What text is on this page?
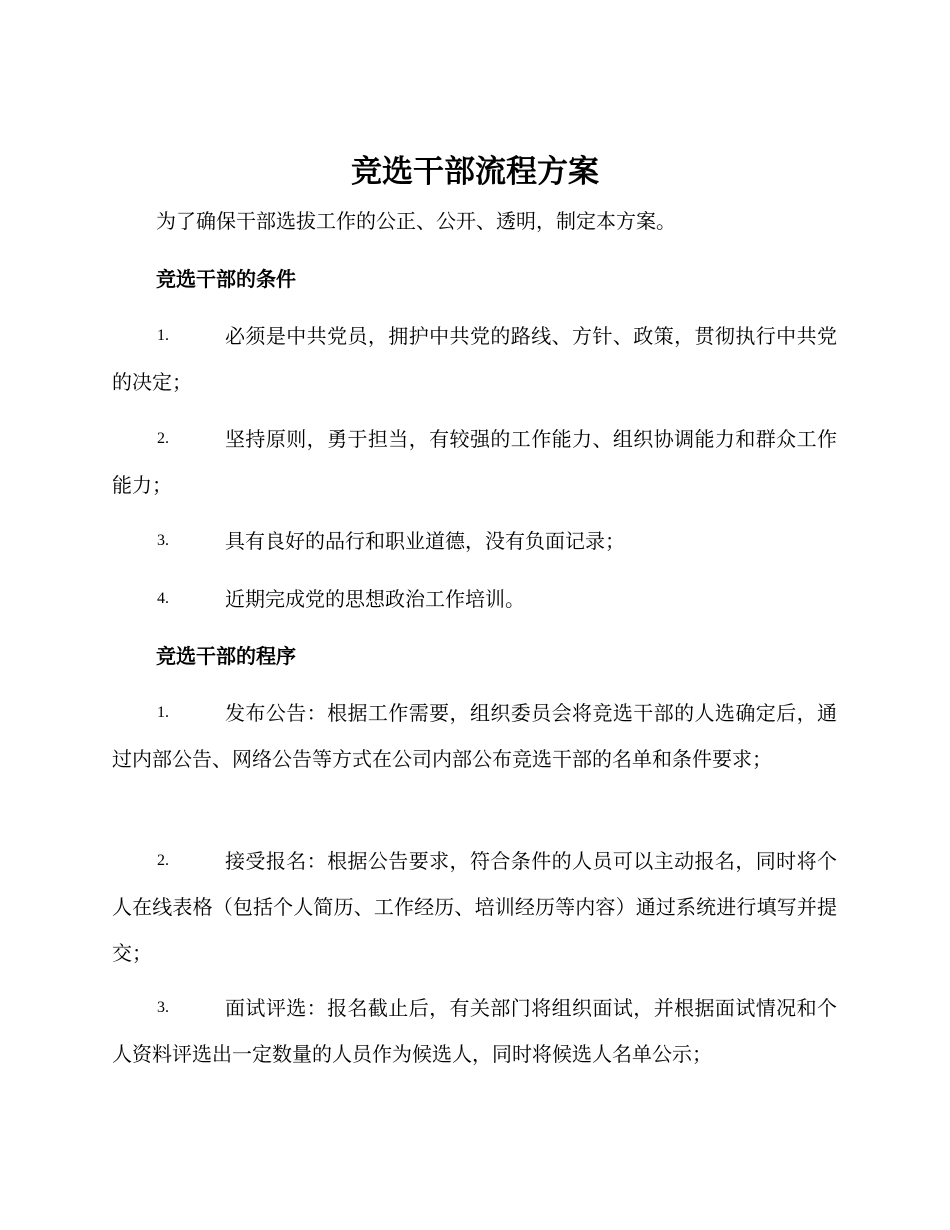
竞选干部流程方案

为了确保干部选拔工作的公正、公开、透明，制定本方案。

竞选干部的条件
1.	必须是中共党员，拥护中共党的路线、方针、政策，贯彻执行中共党的决定；
2.	坚持原则，勇于担当，有较强的工作能力、组织协调能力和群众工作能力；
3.	具有良好的品行和职业道德，没有负面记录；
4.	近期完成党的思想政治工作培训。
竞选干部的程序
1.	发布公告：根据工作需要，组织委员会将竞选干部的人选确定后，通过内部公告、网络公告等方式在公司内部公布竞选干部的名单和条件要求；
2.	接受报名：根据公告要求，符合条件的人员可以主动报名，同时将个人在线表格（包括个人简历、工作经历、培训经历等内容）通过系统进行填写并提交；
3.	面试评选：报名截止后，有关部门将组织面试，并根据面试情况和个人资料评选出一定数量的人员作为候选人，同时将候选人名单公示；
